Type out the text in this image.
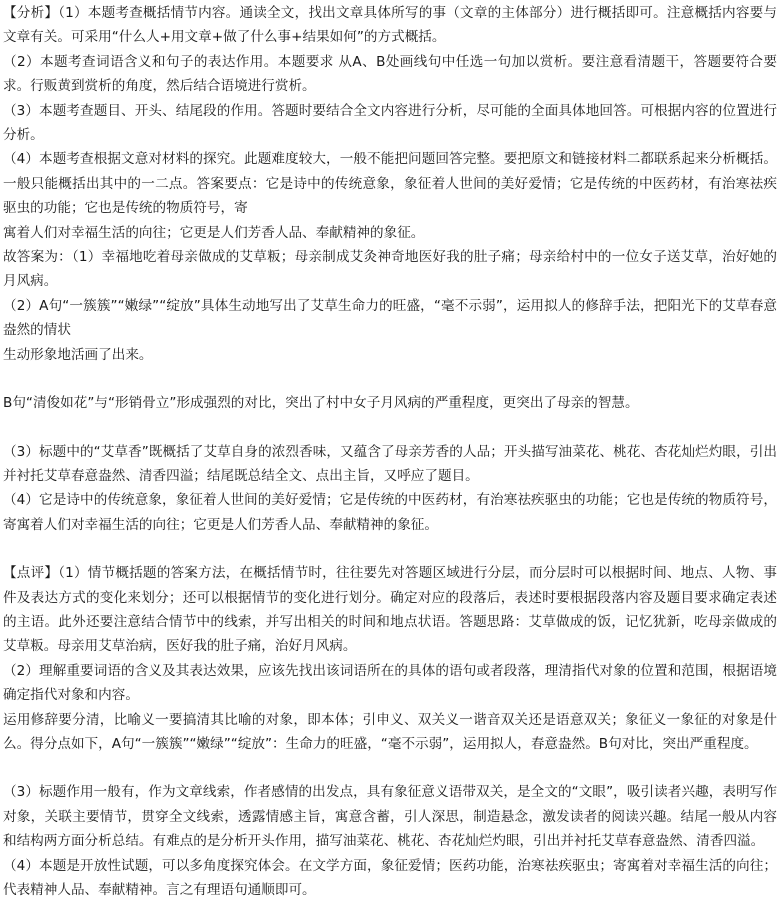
【分析】（1）本题考查概括情节内容。通读全文，找出文章具体所写的事（文章的主体部分）进行概括即可。注意概括内容要与文章有关。可采用“什么人+用文章+做了什么事+结果如何”的方式概括。

（2）本题考查词语含义和句子的表达作用。本题要求 从A、B处画线句中任选一句加以赏析。要注意看清题干，答题要符合要求。行贩黄到赏析的角度，然后结合语境进行赏析。

（3）本题考查题目、开头、结尾段的作用。答题时要结合全文内容进行分析，尽可能的全面具体地回答。可根据内容的位置进行分析。

（4）本题考查根据文意对材料的探究。此题难度较大，一般不能把问题回答完整。要把原文和链接材料二都联系起来分析概括。一般只能概括出其中的一二点。答案要点：它是诗中的传统意象，象征着人世间的美好爱情；它是传统的中医药材，有治寒祛疾驱虫的功能；它也是传统的物质符号，寄

寓着人们对幸福生活的向往；它更是人们芳香人品、奉献精神的象征。

故答案为：（1）幸福地吃着母亲做成的艾草粄；母亲制成艾灸神奇地医好我的肚子痛；母亲给村中的一位女子送艾草，治好她的月风病。

（2）A句“一簇簇”“嫩绿”“绽放”具体生动地写出了艾草生命力的旺盛，“毫不示弱”，运用拟人的修辞手法，把阳光下的艾草春意盎然的情状

生动形象地活画了出来。

B句“清俊如花”与“形销骨立”形成强烈的对比，突出了村中女子月风病的严重程度，更突出了母亲的智慧。

（3）标题中的“艾草香”既概括了艾草自身的浓烈香味，又蕴含了母亲芳香的人品；开头描写油菜花、桃花、杏花灿烂灼眼，引出并衬托艾草春意盎然、清香四溢；结尾既总结全文、点出主旨，又呼应了题目。

（4）它是诗中的传统意象，象征着人世间的美好爱情；它是传统的中医药材，有治寒祛疾驱虫的功能；它也是传统的物质符号，寄寓着人们对幸福生活的向往；它更是人们芳香人品、奉献精神的象征。

【点评】（1）情节概括题的答案方法，在概括情节时，往往要先对答题区域进行分层，而分层时可以根据时间、地点、人物、事件及表达方式的变化来划分；还可以根据情节的变化进行划分。确定对应的段落后，表述时要根据段落内容及题目要求确定表述的主语。此外还要注意结合情节中的线索，并写出相关的时间和地点状语。答题思路：艾草做成的饭，记忆犹新，吃母亲做成的艾草粄。母亲用艾草治病，医好我的肚子痛，治好月风病。

（2）理解重要词语的含义及其表达效果，应该先找出该词语所在的具体的语句或者段落，理清指代对象的位置和范围，根据语境确定指代对象和内容。

运用修辞要分清，比喻义一要搞清其比喻的对象，即本体；引申义、双关义一谐音双关还是语意双关；象征义一象征的对象是什么。得分点如下，A句“一簇簇”“嫩绿”“绽放”：生命力的旺盛，“毫不示弱”，运用拟人，春意盎然。B句对比，突出严重程度。

（3）标题作用一般有，作为文章线索，作者感情的出发点，具有象征意义语带双关，是全文的“文眼”，吸引读者兴趣，表明写作对象，关联主要情节，贯穿全文线索，透露情感主旨，寓意含蓄，引人深思，制造悬念，激发读者的阅读兴趣。结尾一般从内容和结构两方面分析总结。有难点的是分析开头作用，描写油菜花、桃花、杏花灿烂灼眼，引出并衬托艾草春意盎然、清香四溢。

（4）本题是开放性试题，可以多角度探究体会。在文学方面，象征爱情；医药功能，治寒祛疾驱虫；寄寓着对幸福生活的向往；代表精神人品、奉献精神。言之有理语句通顺即可。
